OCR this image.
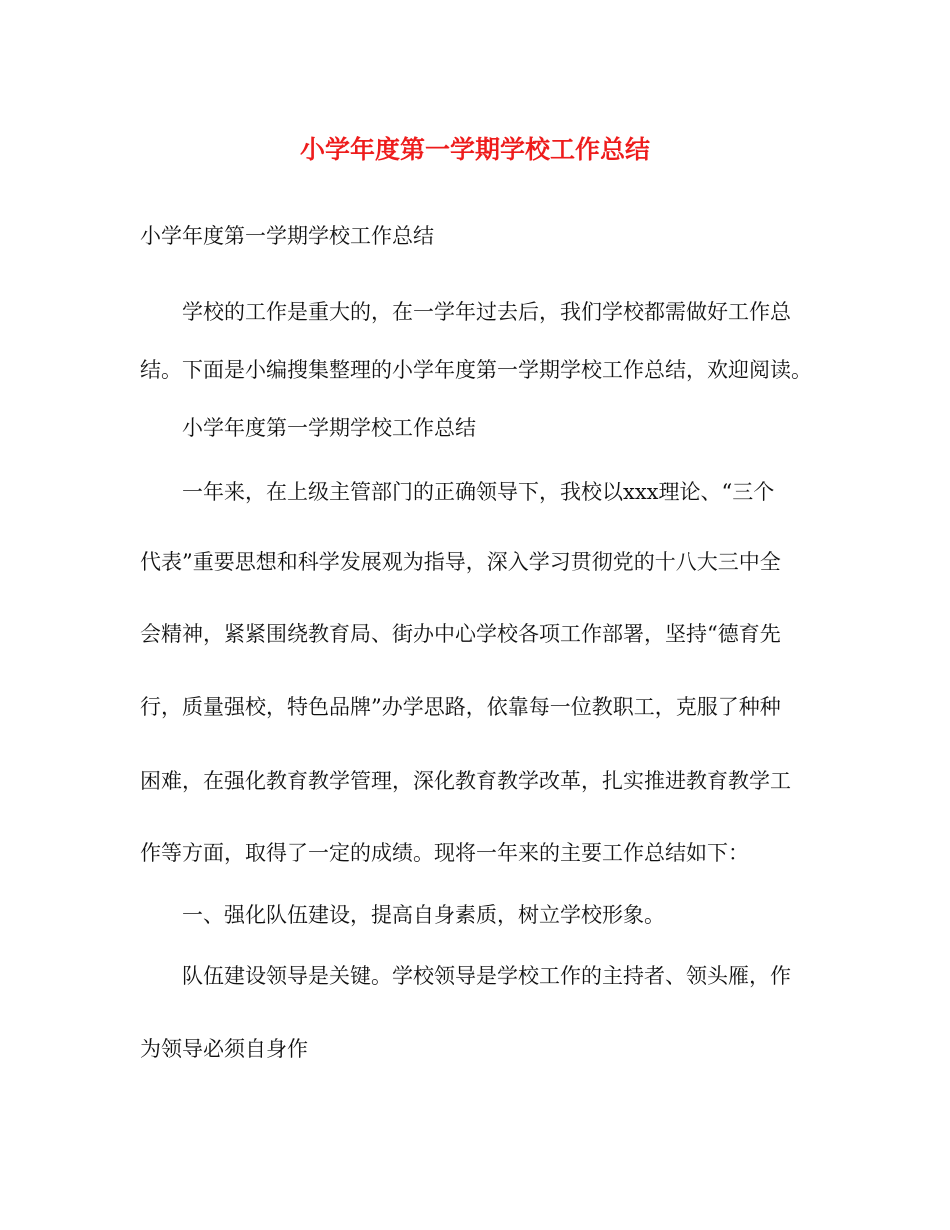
小学年度第一学期学校工作总结
小学年度第一学期学校工作总结
学校的工作是重大的，在一学年过去后，我们学校都需做好工作总
结。下面是小编搜集整理的小学年度第一学期学校工作总结，欢迎阅读。
小学年度第一学期学校工作总结
一年来，在上级主管部门的正确领导下，我校以xxx理论、“三个
代表”重要思想和科学发展观为指导，深入学习贯彻党的十八大三中全
会精神，紧紧围绕教育局、街办中心学校各项工作部署，坚持“德育先
行，质量强校，特色品牌”办学思路，依靠每一位教职工，克服了种种
困难，在强化教育教学管理，深化教育教学改革，扎实推进教育教学工
作等方面，取得了一定的成绩。现将一年来的主要工作总结如下：
一、强化队伍建设，提高自身素质，树立学校形象。
队伍建设领导是关键。学校领导是学校工作的主持者、领头雁，作
为领导必须自身作
